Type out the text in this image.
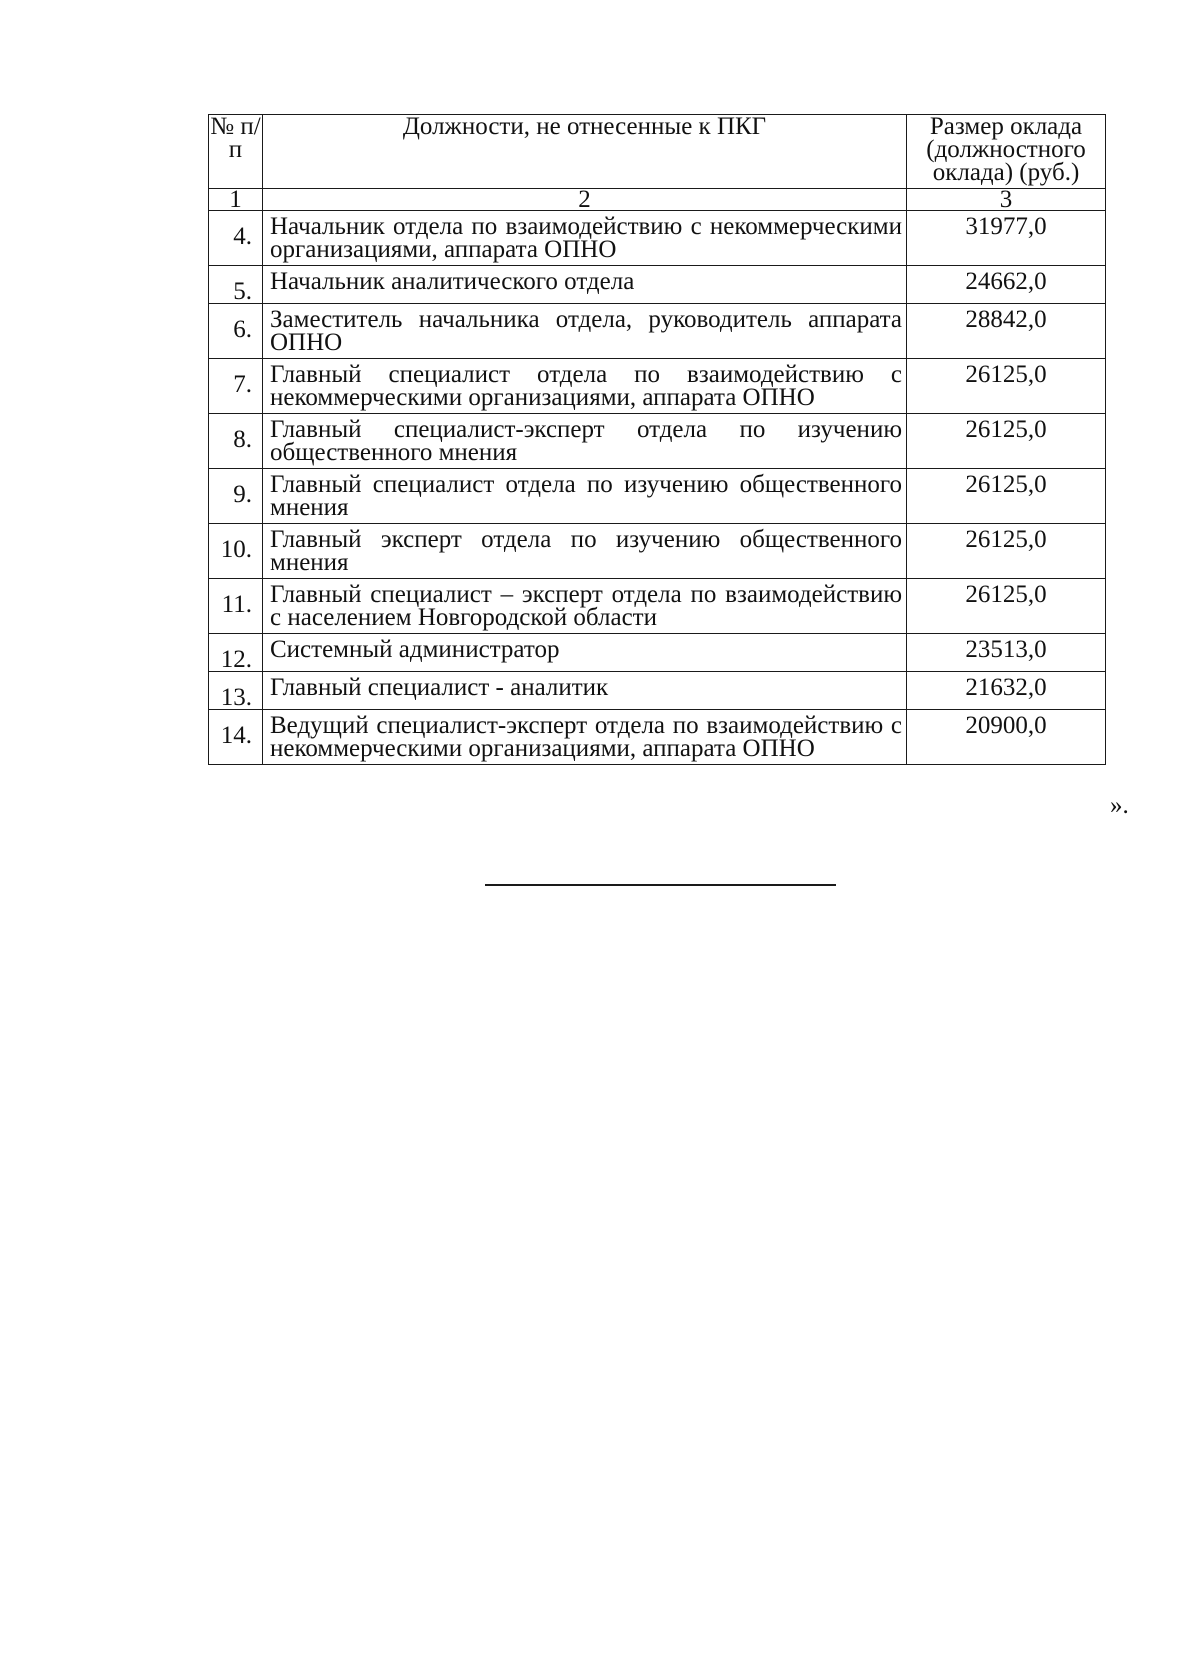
№ п/п	Должности, не отнесенные к ПКГ	Размер оклада (должностного оклада) (руб.)
1	2	3
4.	Начальник отдела по взаимодействию с некоммерческими организациями, аппарата ОПНО	31977,0
5.	Начальник аналитического отдела	24662,0
6.	Заместитель начальника отдела, руководитель аппарата ОПНО	28842,0
7.	Главный специалист отдела по взаимодействию с некоммерческими организациями, аппарата ОПНО	26125,0
8.	Главный специалист-эксперт отдела по изучению общественного мнения	26125,0
9.	Главный специалист отдела по изучению общественного мнения	26125,0
10.	Главный эксперт отдела по изучению общественного мнения	26125,0
11.	Главный специалист – эксперт отдела по взаимодействию с населением Новгородской области	26125,0
12.	Системный администратор	23513,0
13.	Главный специалист - аналитик	21632,0
14.	Ведущий специалист-эксперт отдела по взаимодействию с некоммерческими организациями, аппарата ОПНО	20900,0
».
